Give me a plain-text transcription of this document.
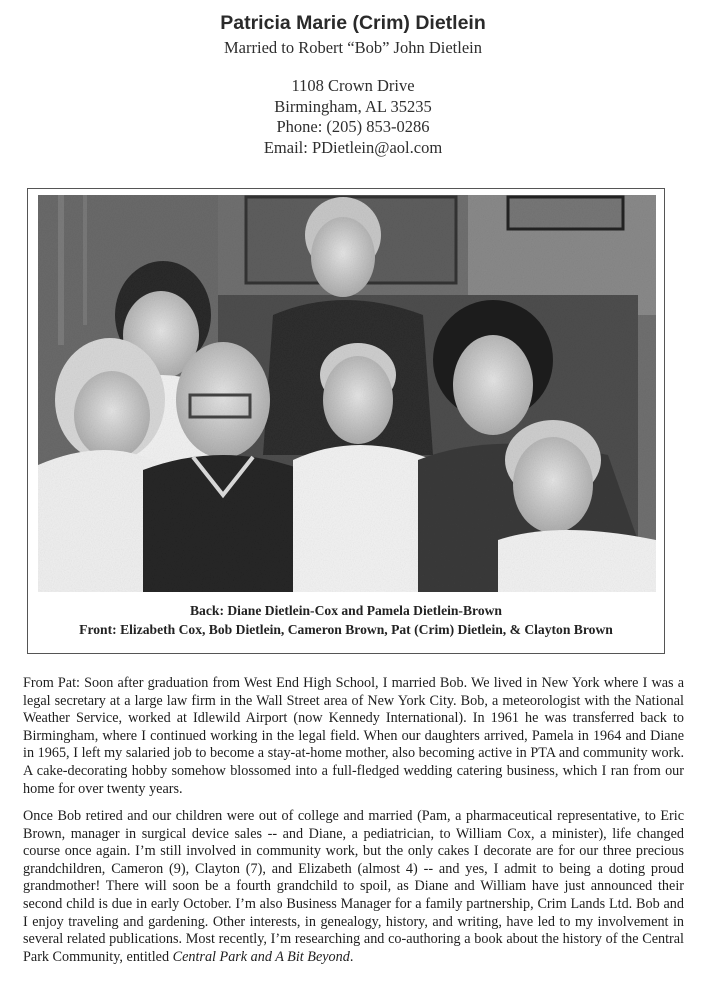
Patricia Marie (Crim) Dietlein
Married to Robert “Bob” John Dietlein
1108 Crown Drive
Birmingham, AL 35235
Phone: (205) 853-0286
Email: PDietlein@aol.com
Back: Diane Dietlein-Cox and Pamela Dietlein-Brown
Front: Elizabeth Cox, Bob Dietlein, Cameron Brown, Pat (Crim) Dietlein, & Clayton Brown
From Pat: Soon after graduation from West End High School, I married Bob. We lived in New York where I was a legal secretary at a large law firm in the Wall Street area of New York City. Bob, a meteorologist with the National Weather Service, worked at Idlewild Airport (now Kennedy International). In 1961 he was transferred back to Birmingham, where I continued working in the legal field. When our daughters arrived, Pamela in 1964 and Diane in 1965, I left my salaried job to become a stay-at-home mother, also becoming active in PTA and community work. A cake-decorating hobby somehow blossomed into a full-fledged wedding catering business, which I ran from our home for over twenty years.
Once Bob retired and our children were out of college and married (Pam, a pharmaceutical representative, to Eric Brown, manager in surgical device sales -- and Diane, a pediatrician, to William Cox, a minister), life changed course once again. I’m still involved in community work, but the only cakes I decorate are for our three precious grandchildren, Cameron (9), Clayton (7), and Elizabeth (almost 4) -- and yes, I admit to being a doting proud grandmother! There will soon be a fourth grandchild to spoil, as Diane and William have just announced their second child is due in early October. I’m also Business Manager for a family partnership, Crim Lands Ltd. Bob and I enjoy traveling and gardening. Other interests, in genealogy, history, and writing, have led to my involvement in several related publications. Most recently, I’m researching and co-authoring a book about the history of the Central Park Community, entitled Central Park and A Bit Beyond.
